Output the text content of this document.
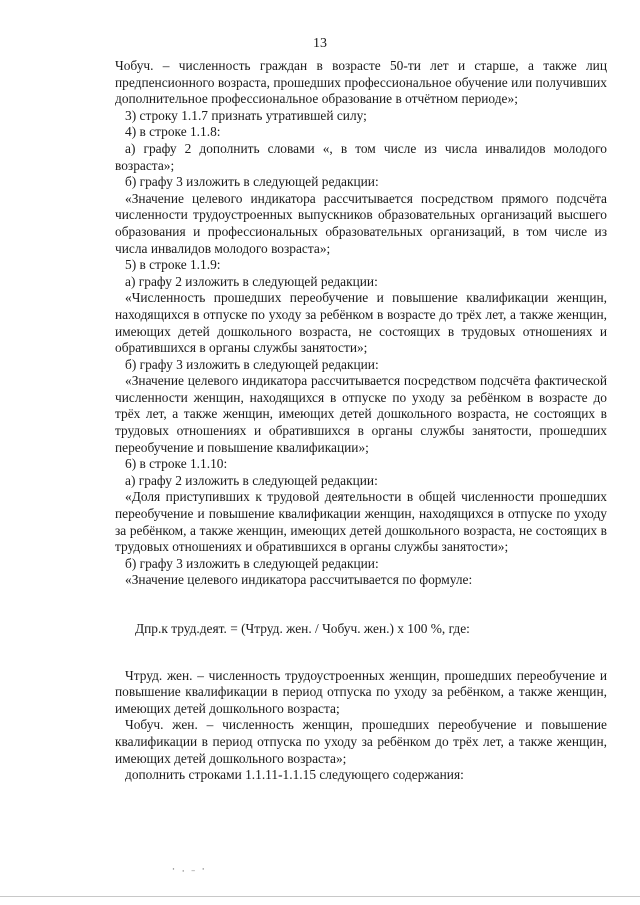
13

Чобуч. – численность граждан в возрасте 50-ти лет и старше, а также лиц предпенсионного возраста, прошедших профессиональное обучение или получивших дополнительное профессиональное образование в отчётном периоде»;

3) строку 1.1.7 признать утратившей силу;

4) в строке 1.1.8:

а) графу 2 дополнить словами «, в том числе из числа инвалидов молодого возраста»;

б) графу 3 изложить в следующей редакции:

«Значение целевого индикатора рассчитывается посредством прямого подсчёта численности трудоустроенных выпускников образовательных организаций высшего образования и профессиональных образовательных организаций, в том числе из числа инвалидов молодого возраста»;

5) в строке 1.1.9:

а) графу 2 изложить в следующей редакции:

«Численность прошедших переобучение и повышение квалификации женщин, находящихся в отпуске по уходу за ребёнком в возрасте до трёх лет, а также женщин, имеющих детей дошкольного возраста, не состоящих в трудовых отношениях и обратившихся в органы службы занятости»;

б) графу 3 изложить в следующей редакции:

«Значение целевого индикатора рассчитывается посредством подсчёта фактической численности женщин, находящихся в отпуске по уходу за ребёнком в возрасте до трёх лет, а также женщин, имеющих детей дошкольного возраста, не состоящих в трудовых отношениях и обратившихся в органы службы занятости, прошедших переобучение и повышение квалификации»;

6) в строке 1.1.10:

а) графу 2 изложить в следующей редакции:

«Доля приступивших к трудовой деятельности в общей численности прошедших переобучение и повышение квалификации женщин, находящихся в отпуске по уходу за ребёнком, а также женщин, имеющих детей дошкольного возраста, не состоящих в трудовых отношениях и обратившихся в органы службы занятости»;

б) графу 3 изложить в следующей редакции:

«Значение целевого индикатора рассчитывается по формуле:

Дпр.к труд.деят. = (Чтруд. жен. / Чобуч. жен.) х 100 %, где:

Чтруд. жен. – численность трудоустроенных женщин, прошедших переобучение и повышение квалификации в период отпуска по уходу за ребёнком, а также женщин, имеющих детей дошкольного возраста;

Чобуч. жен. – численность женщин, прошедших переобучение и повышение квалификации в период отпуска по уходу за ребёнком до трёх лет, а также женщин, имеющих детей дошкольного возраста»;

дополнить строками 1.1.11-1.1.15 следующего содержания:

⸱ ⸳ ˗ ⸱
